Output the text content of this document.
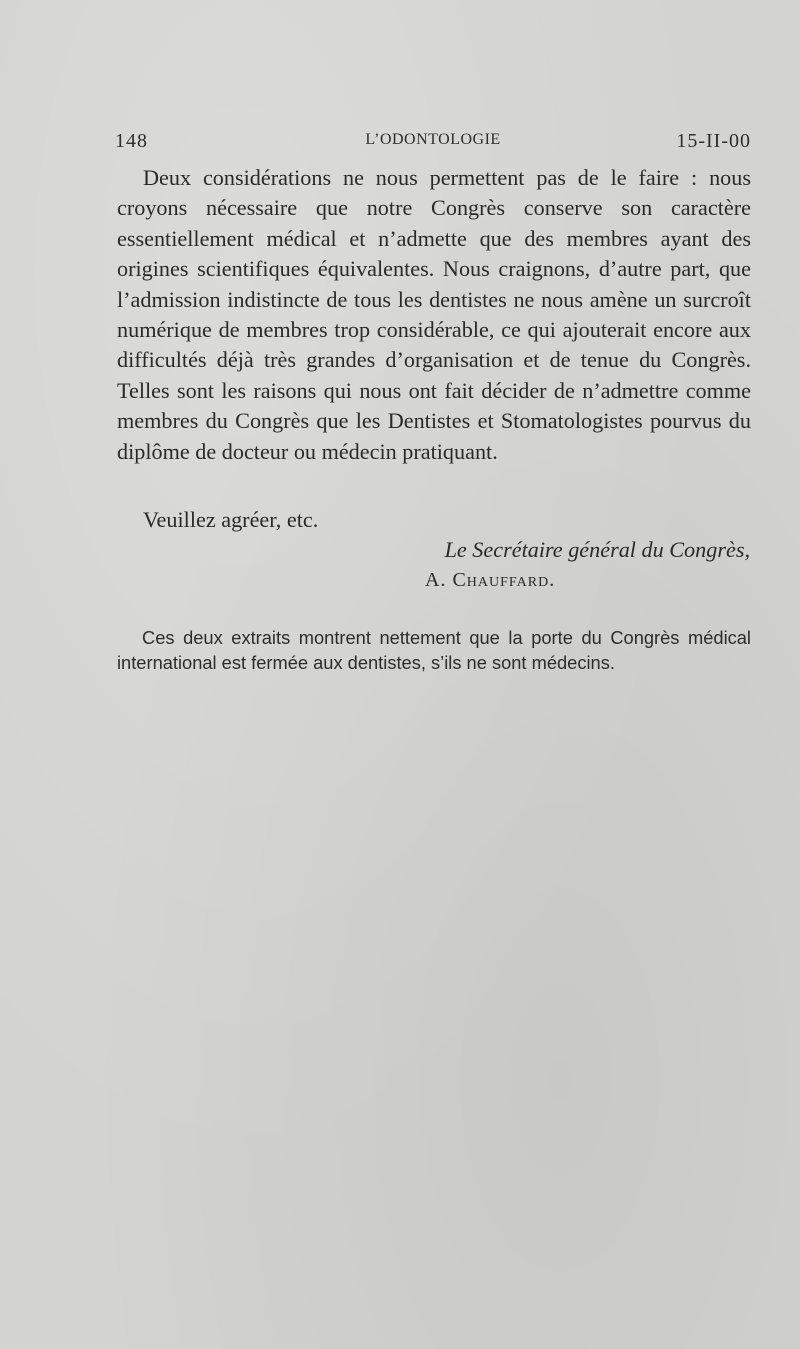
148	L’ODONTOLOGIE	15-II-00

Deux considérations ne nous permettent pas de le faire : nous croyons nécessaire que notre Congrès conserve son caractère essentiellement médical et n’admette que des membres ayant des origines scientifiques équivalentes. Nous craignons, d’autre part, que l’admission indistincte de tous les dentistes ne nous amène un surcroît numérique de membres trop considérable, ce qui ajouterait encore aux difficultés déjà très grandes d’organisation et de tenue du Congrès. Telles sont les raisons qui nous ont fait décider de n’admettre comme membres du Congrès que les Dentistes et Stomatologistes pourvus du diplôme de docteur ou médecin pratiquant.

Veuillez agréer, etc.
Le Secrétaire général du Congrès,
A. Chauffard.

Ces deux extraits montrent nettement que la porte du Congrès médical international est fermée aux dentistes, s’ils ne sont médecins.
